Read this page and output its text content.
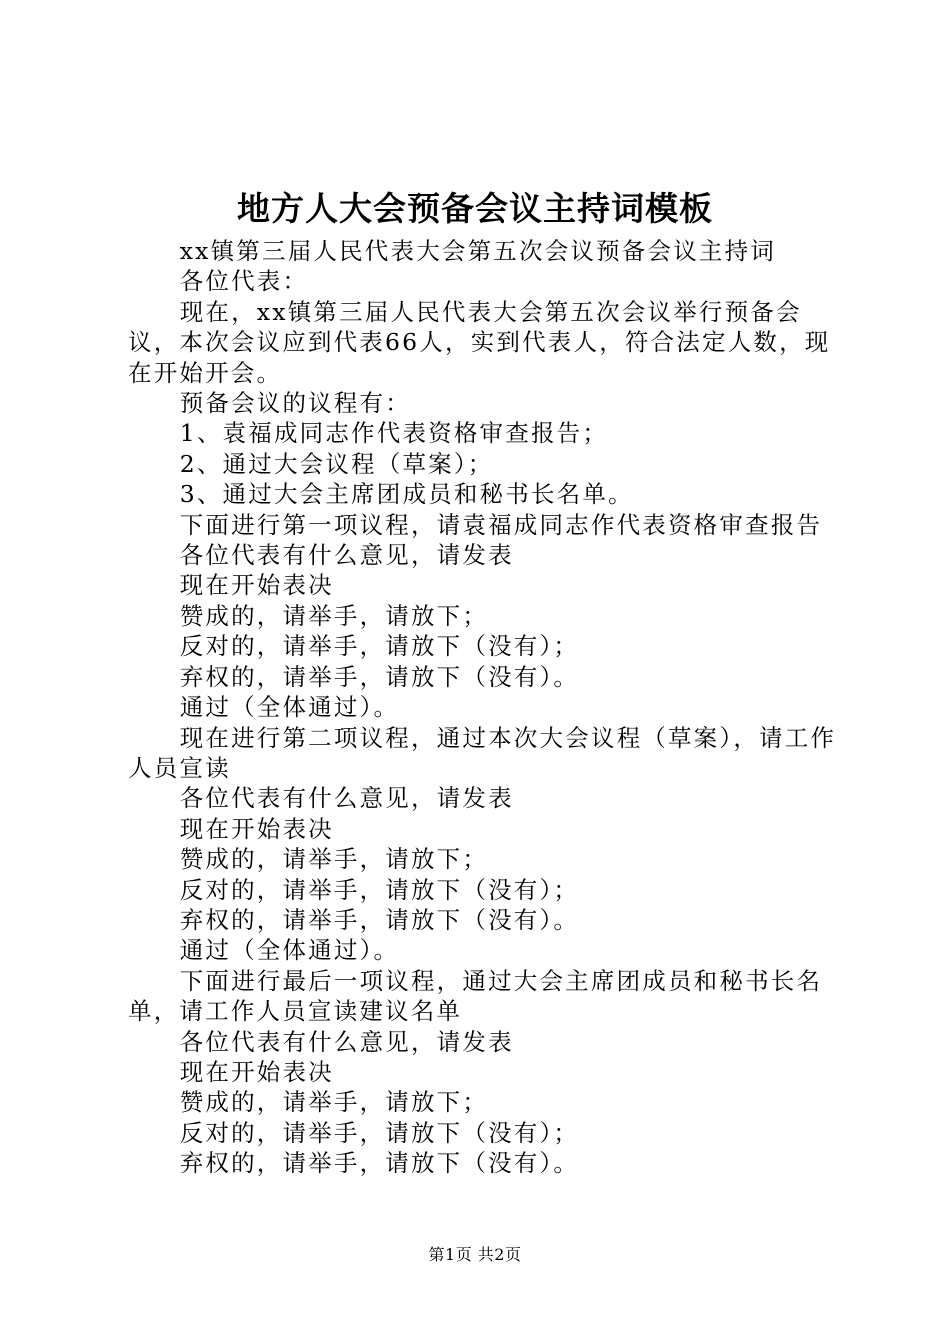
地方人大会预备会议主持词模板

xx镇第三届人民代表大会第五次会议预备会议主持词

各位代表：

现在，xx镇第三届人民代表大会第五次会议举行预备会议，本次会议应到代表66人，实到代表人，符合法定人数，现在开始开会。

预备会议的议程有：

1、袁福成同志作代表资格审查报告；

2、通过大会议程（草案）；

3、通过大会主席团成员和秘书长名单。

下面进行第一项议程，请袁福成同志作代表资格审查报告

各位代表有什么意见，请发表

现在开始表决

赞成的，请举手，请放下；

反对的，请举手，请放下（没有）；

弃权的，请举手，请放下（没有）。

通过（全体通过）。

现在进行第二项议程，通过本次大会议程（草案），请工作人员宣读

各位代表有什么意见，请发表

现在开始表决

赞成的，请举手，请放下；

反对的，请举手，请放下（没有）；

弃权的，请举手，请放下（没有）。

通过（全体通过）。

下面进行最后一项议程，通过大会主席团成员和秘书长名单，请工作人员宣读建议名单

各位代表有什么意见，请发表

现在开始表决

赞成的，请举手，请放下；

反对的，请举手，请放下（没有）；

弃权的，请举手，请放下（没有）。

第1页 共2页
